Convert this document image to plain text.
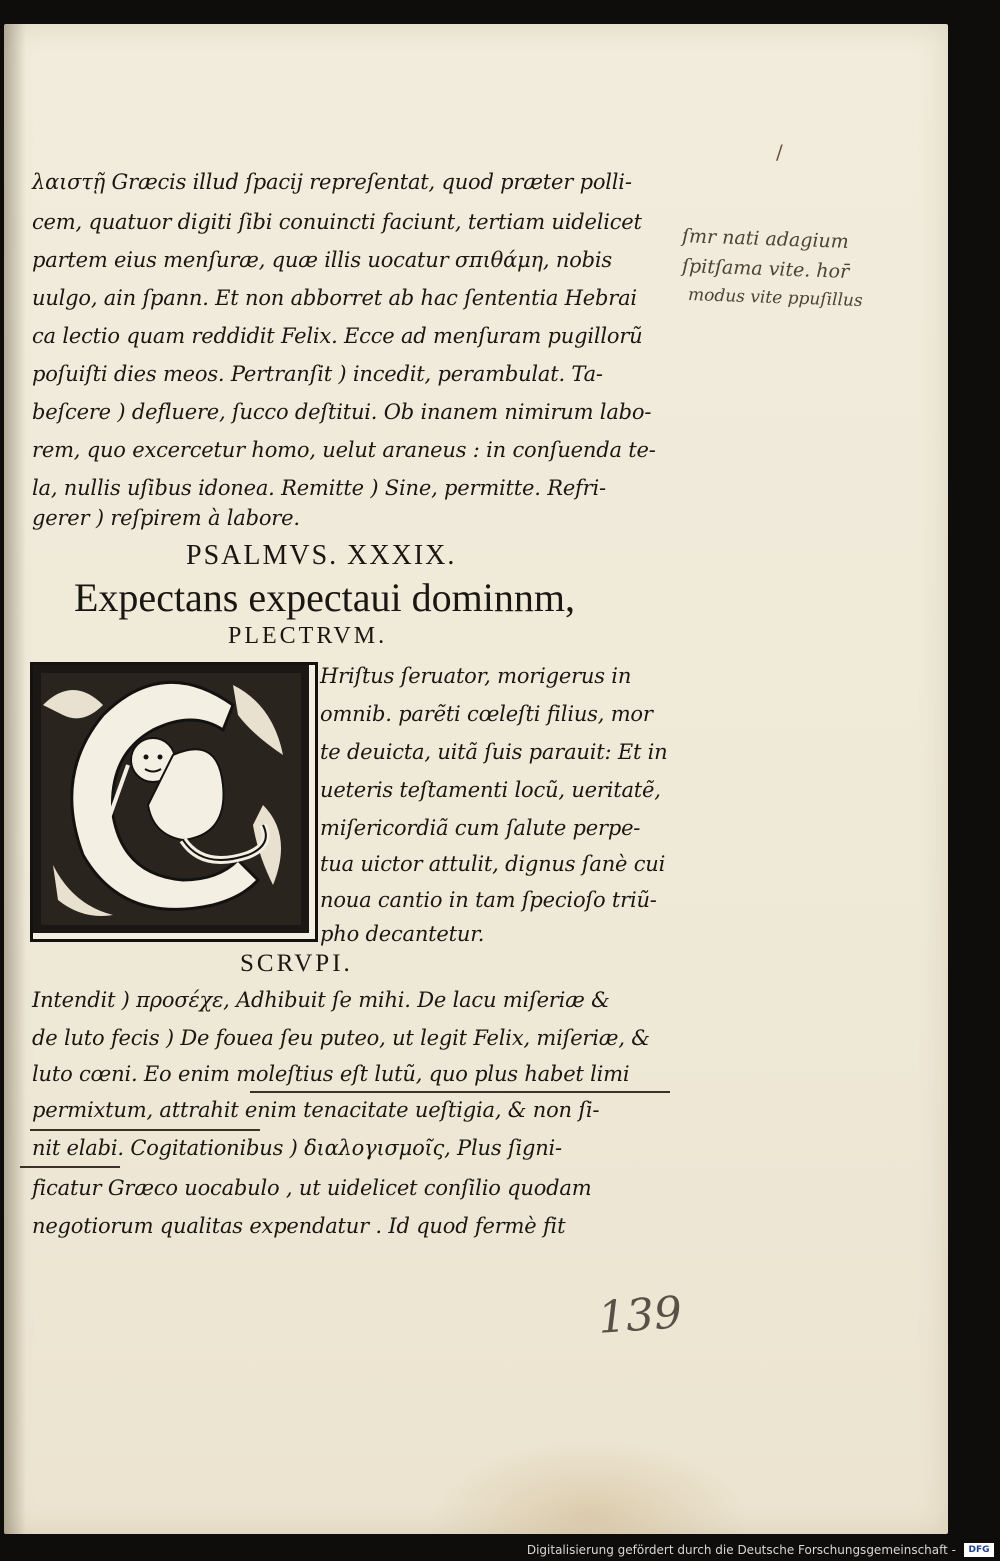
λαιστῇ Græcis illud ſpacij repreſentat, quod præter polli-
cem, quatuor digiti ſibi conuincti faciunt, tertiam uidelicet
partem eius menſuræ, quæ illis uocatur σπιθάμη, nobis
uulgo, ain ſpann. Et non abborret ab hac ſententia Hebrai
ca lectio quam reddidit Felix. Ecce ad menſuram pugillorũ
poſuiſti dies meos. Pertranſit ) incedit, perambulat. Ta-
beſcere ) defluere, ſucco deſtitui. Ob inanem nimirum labo-
rem, quo excercetur homo, uelut araneus : in conſuenda te-
la, nullis uſibus idonea. Remitte ) Sine, permitte. Refri-
gerer ) reſpirem à labore.
PSALMVS. XXXIX.
Expectans expectaui dominnm,
PLECTRVM.
Hriſtus ſeruator, morigerus in
omnib. parẽti cœleſti filius, mor
te deuicta, uitã ſuis parauit: Et in
ueteris teſtamenti locũ, ueritatẽ,
miſericordiã cum ſalute perpe-
tua uictor attulit, dignus ſanè cui
noua cantio in tam ſpecioſo triũ-
pho decantetur.
SCRVPI.
Intendit ) προσέχε, Adhibuit ſe mihi. De lacu miſeriæ &
de luto fecis ) De fouea ſeu puteo, ut legit Felix, miſeriæ, &
luto cœni. Eo enim moleſtius eſt lutũ, quo plus habet limi
permixtum, attrahit enim tenacitate ueſtigia, & non ſi-
nit elabi. Cogitationibus ) διαλογισμοῖς, Plus ſigni-
ficatur Græco uocabulo , ut uidelicet conſilio quodam
negotiorum qualitas expendatur . Id quod fermè fit
ſmr nati adagium
ſpitſama vite. hor̄
modus vite ppuſillus
/
139
Digitalisierung gefördert durch die Deutsche Forschungsgemeinschaft -	DFG
